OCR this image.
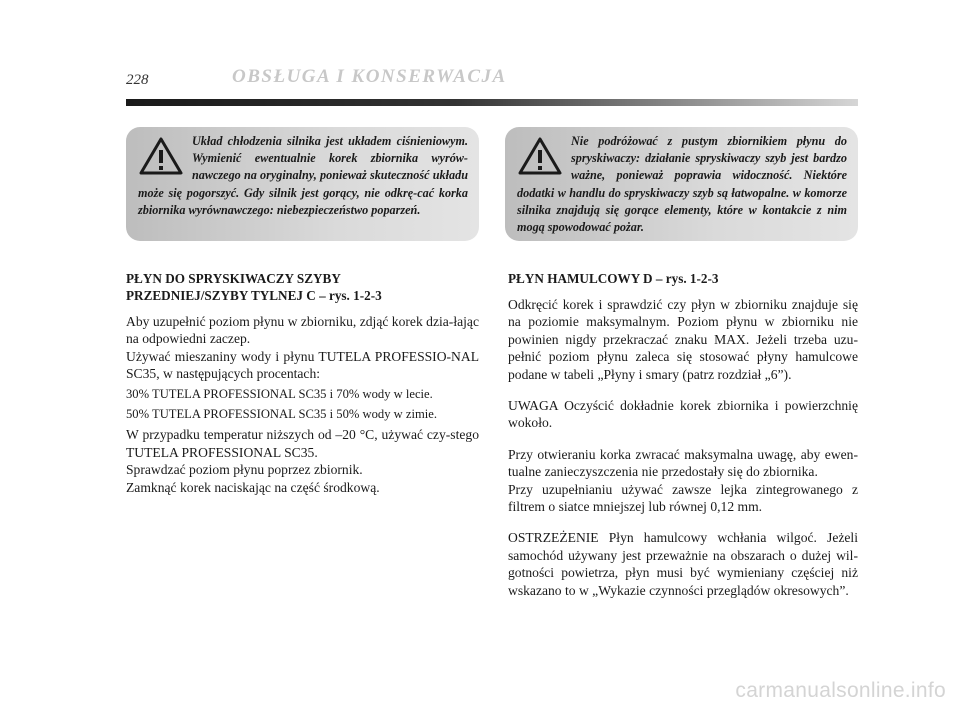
228	OBSŁUGA I KONSERWACJA
Układ chłodzenia silnika jest układem ciśnieniowym. Wymienić ewentualnie korek zbiornika wyrów-nawczego na oryginalny, ponieważ skuteczność układu może się pogorszyć. Gdy silnik jest gorący, nie odkrę-cać korka zbiornika wyrównawczego: niebezpieczeństwo poparzeń.
Nie podróżować z pustym zbiornikiem płynu do spryskiwaczy: działanie spryskiwaczy szyb jest bardzo ważne, ponieważ poprawia widoczność. Niektóre dodatki w handlu do spryskiwaczy szyb są łatwopalne. w komorze silnika znajdują się gorące elementy, które w kontakcie z nim mogą spowodować pożar.
PŁYN DO SPRYSKIWACZY SZYBY
PRZEDNIEJ/SZYBY TYLNEJ C – rys. 1-2-3

Aby uzupełnić poziom płynu w zbiorniku, zdjąć korek dzia-łając na odpowiedni zaczep.

Używać mieszaniny wody i płynu TUTELA PROFESSIO-NAL SC35, w następujących procentach:

30% TUTELA PROFESSIONAL SC35 i 70% wody w lecie.

50% TUTELA PROFESSIONAL SC35 i 50% wody w zimie.

W przypadku temperatur niższych od –20 °C, używać czy-stego TUTELA PROFESSIONAL SC35.

Sprawdzać poziom płynu poprzez zbiornik.

Zamknąć korek naciskając na część środkową.

PŁYN HAMULCOWY D – rys. 1-2-3

Odkręcić korek i sprawdzić czy płyn w zbiorniku znajduje się na poziomie maksymalnym. Poziom płynu w zbiorniku nie powinien nigdy przekraczać znaku MAX. Jeżeli trzeba uzu-pełnić poziom płynu zaleca się stosować płyny hamulcowe podane w tabeli „Płyny i smary (patrz rozdział „6”).

UWAGA Oczyścić dokładnie korek zbiornika i powierzchnię wokoło.

Przy otwieraniu korka zwracać maksymalna uwagę, aby ewen-tualne zanieczyszczenia nie przedostały się do zbiornika.

Przy uzupełnianiu używać zawsze lejka zintegrowanego z filtrem o siatce mniejszej lub równej 0,12 mm.

OSTRZEŻENIE Płyn hamulcowy wchłania wilgoć. Jeżeli samochód używany jest przeważnie na obszarach o dużej wil-gotności powietrza, płyn musi być wymieniany częściej niż wskazano to w „Wykazie czynności przeglądów okresowych”.

carmanualsonline.info
